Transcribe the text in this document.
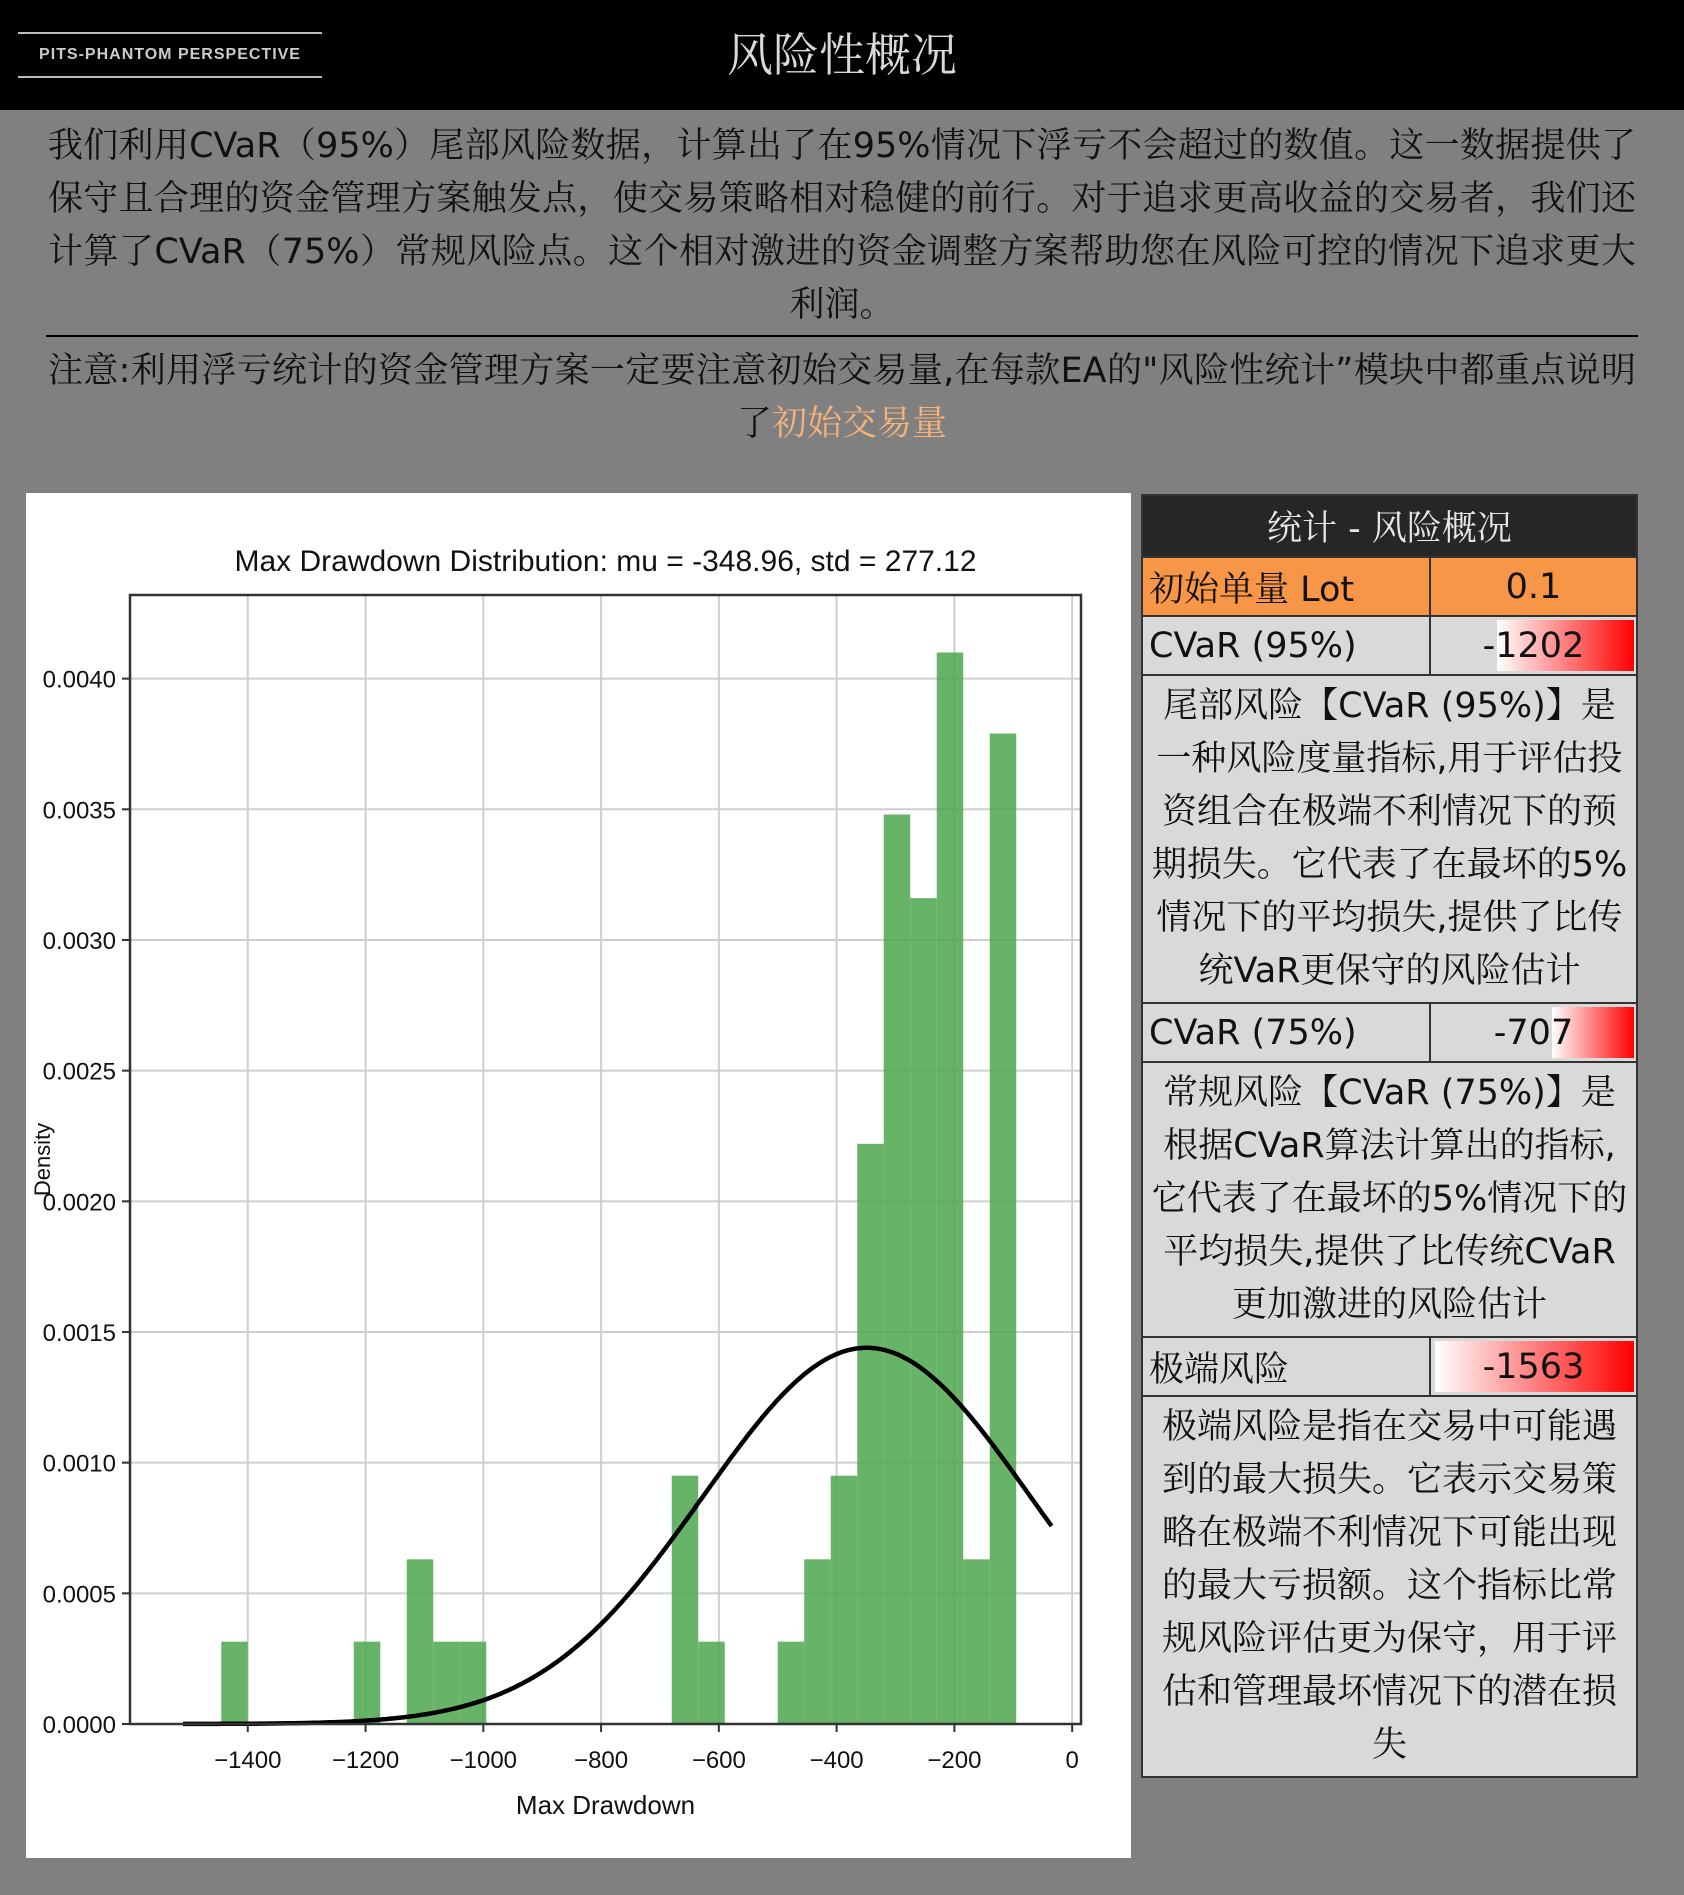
PITS-PHANTOM PERSPECTIVE	风险性概况
我们利用CVaR（95%）尾部风险数据，计算出了在95%情况下浮亏不会超过的数值。这一数据提供了保守且合理的资金管理方案触发点，使交易策略相对稳健的前行。对于追求更高收益的交易者，我们还计算了CVaR（75%）常规风险点。这个相对激进的资金调整方案帮助您在风险可控的情况下追求更大利润。
注意:利用浮亏统计的资金管理方案一定要注意初始交易量,在每款EA的"风险性统计”模块中都重点说明了初始交易量
−1400 −1200 −1000 −800	−600	−400	−200	0
0.0000
0.0005
0.0010
0.0015
0.0020
0.0025
0.0030
0.0035
0.0040
Max Drawdown Distribution: mu = -348.96, std = 277.12
Max Drawdown
Density
统计 - 风险概况	
初始单量 Lot	0.1
CVaR (95%)	-1202
尾部风险【CVaR (95%)】是一种风险度量指标,用于评估投资组合在极端不利情况下的预期损失。它代表了在最坏的5%情况下的平均损失,提供了比传统VaR更保守的风险估计	
CVaR (75%)	-707
常规风险【CVaR (75%)】是根据CVaR算法计算出的指标,它代表了在最坏的5%情况下的平均损失,提供了比传统CVaR更加激进的风险估计	
极端风险	-1563
极端风险是指在交易中可能遇到的最大损失。它表示交易策略在极端不利情况下可能出现的最大亏损额。这个指标比常规风险评估更为保守，用于评估和管理最坏情况下的潜在损失	
